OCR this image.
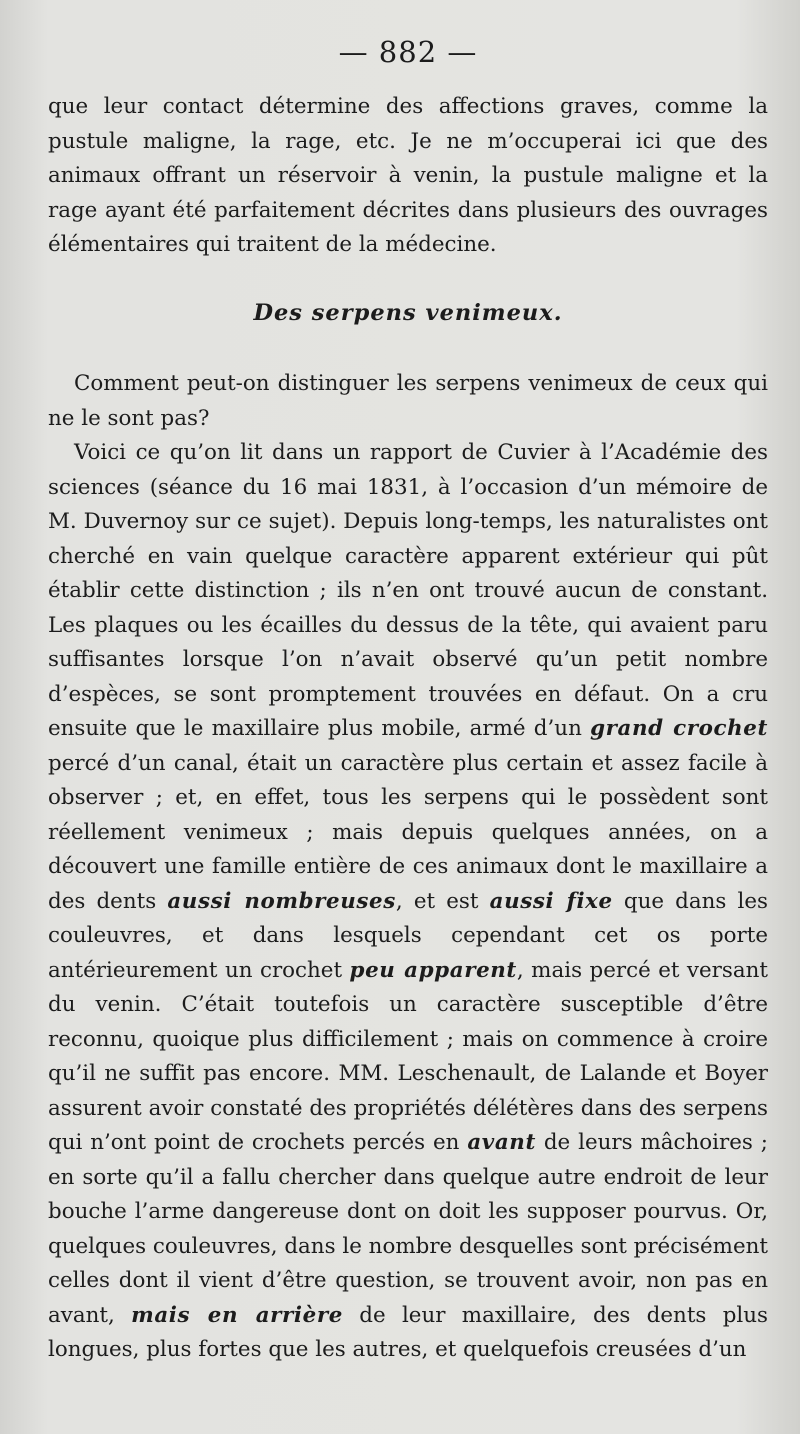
— 882 —

que leur contact détermine des affections graves, comme la pustule maligne, la rage, etc. Je ne m’occuperai ici que des animaux offrant un réservoir à venin, la pustule maligne et la rage ayant été parfaitement décrites dans plusieurs des ouvrages élémentaires qui traitent de la médecine.

Des serpens venimeux.

Comment peut-on distinguer les serpens venimeux de ceux qui ne le sont pas?

Voici ce qu’on lit dans un rapport de Cuvier à l’Académie des sciences (séance du 16 mai 1831, à l’occasion d’un mémoire de M. Duvernoy sur ce sujet). Depuis long-temps, les naturalistes ont cherché en vain quelque caractère apparent extérieur qui pût établir cette distinction ; ils n’en ont trouvé aucun de constant. Les plaques ou les écailles du dessus de la tête, qui avaient paru suffisantes lorsque l’on n’avait observé qu’un petit nombre d’espèces, se sont promptement trouvées en défaut. On a cru ensuite que le maxillaire plus mobile, armé d’un grand crochet percé d’un canal, était un caractère plus certain et assez facile à observer ; et, en effet, tous les serpens qui le possèdent sont réellement venimeux ; mais depuis quelques années, on a découvert une famille entière de ces animaux dont le maxillaire a des dents aussi nombreuses, et est aussi fixe que dans les couleuvres, et dans lesquels cependant cet os porte antérieurement un crochet peu apparent, mais percé et versant du venin. C’était toutefois un caractère susceptible d’être reconnu, quoique plus difficilement ; mais on commence à croire qu’il ne suffit pas encore. MM. Leschenault, de Lalande et Boyer assurent avoir constaté des propriétés délétères dans des serpens qui n’ont point de crochets percés en avant de leurs mâchoires ; en sorte qu’il a fallu chercher dans quelque autre endroit de leur bouche l’arme dangereuse dont on doit les supposer pourvus. Or, quelques couleuvres, dans le nombre desquelles sont précisément celles dont il vient d’être question, se trouvent avoir, non pas en avant, mais en arrière de leur maxillaire, des dents plus longues, plus fortes que les autres, et quelquefois creusées d’un
